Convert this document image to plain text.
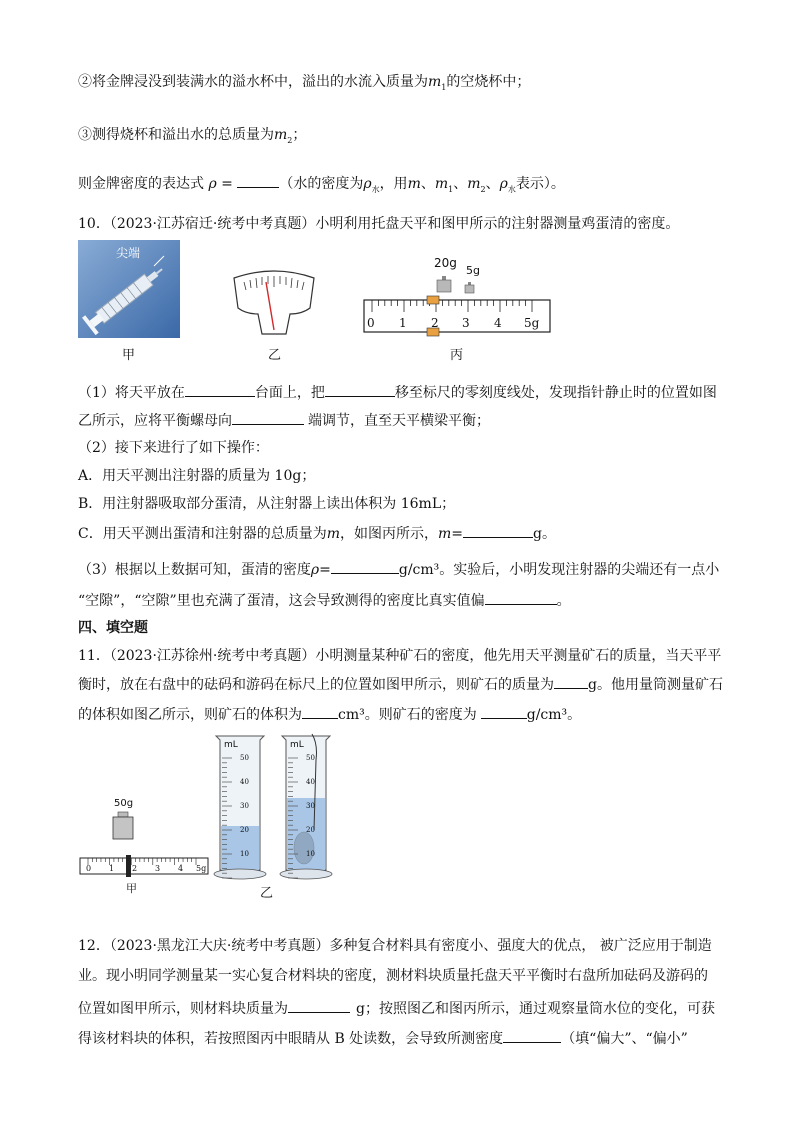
②将金牌浸没到装满水的溢水杯中，溢出的水流入质量为$m_1$的空烧杯中；
③测得烧杯和溢出水的总质量为$m_2$；
则金牌密度的表达式 ρ =	（水的密度为$\rho_水$，用m、$m_1$、$m_2$、$\rho_水$表示）。
10．（2023·江苏宿迁·统考中考真题）小明利用托盘天平和图甲所示的注射器测量鸡蛋清的密度。
尖端
甲	乙
20g
5g
0 1 2 3 4 5g
丙
（1）将天平放在	台面上，把	移至标尺的零刻度线处，发现指针静止时的位置如图
乙所示，应将平衡螺母向	端调节，直至天平横梁平衡；
（2）接下来进行了如下操作：
A．用天平测出注射器的质量为 10g；
B．用注射器吸取部分蛋清，从注射器上读出体积为 16mL；
C．用天平测出蛋清和注射器的总质量为m，如图丙所示，m=	g。
（3）根据以上数据可知，蛋清的密度ρ=	g/cm³。实验后，小明发现注射器的尖端还有一点小
“空隙”，“空隙”里也充满了蛋清，这会导致测得的密度比真实值偏	。
四、填空题
11．（2023·江苏徐州·统考中考真题）小明测量某种矿石的密度，他先用天平测量矿石的质量，当天平平
衡时，放在右盘中的砝码和游码在标尺上的位置如图甲所示，则矿石的质量为 g。他用量筒测量矿石
的体积如图乙所示，则矿石的体积为	cm³。则矿石的密度为	g/cm³。
50g
0 1 2 3 4 5g
甲
mL	mL
50
40
30
20
10
50
40
30
20
10
乙
12．（2023·黑龙江大庆·统考中考真题）多种复合材料具有密度小、强度大的优点， 被广泛应用于制造
业。现小明同学测量某一实心复合材料块的密度，测材料块质量托盘天平平衡时右盘所加砝码及游码的
位置如图甲所示，则材料块质量为	g；按照图乙和图丙所示，通过观察量筒水位的变化，可获
得该材料块的体积，若按照图丙中眼睛从 B 处读数，会导致所测密度	（填“偏大”、“偏小”
